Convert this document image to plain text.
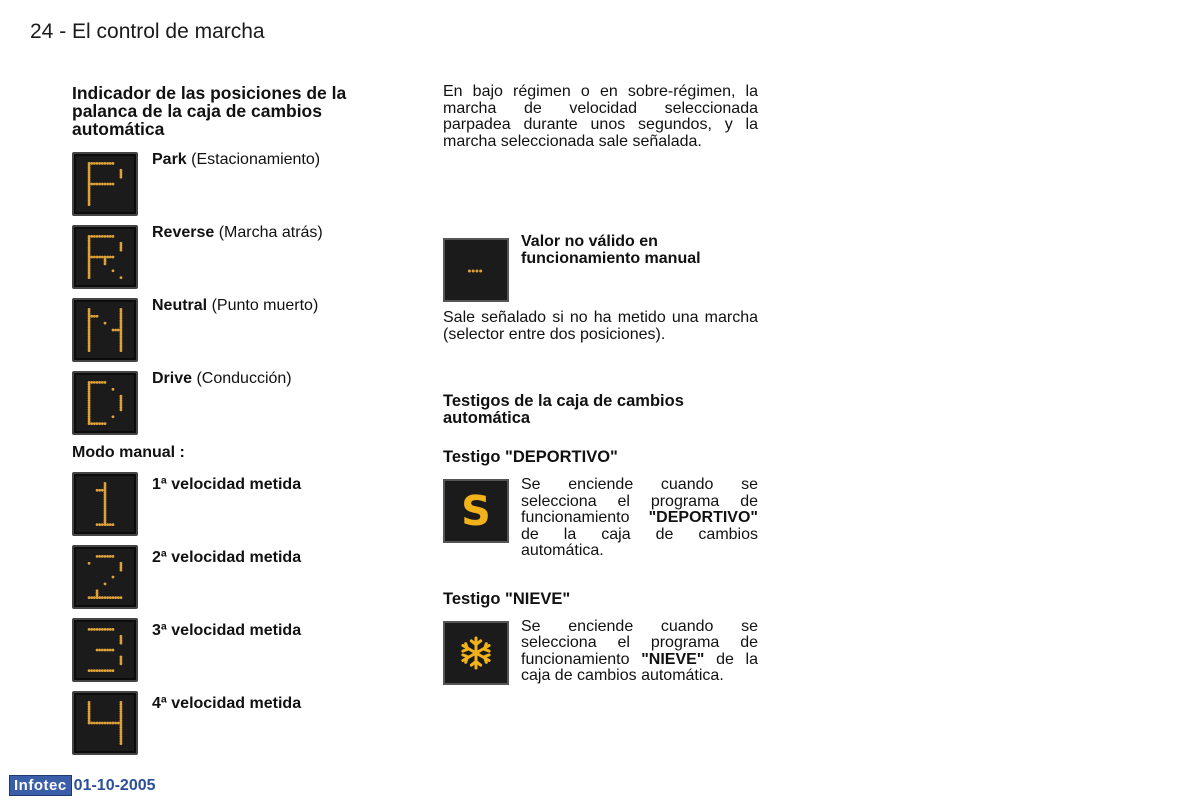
24 - El control de marcha
Indicador de las posiciones de la palanca de la caja de cambios automática
Park (Estacionamiento)
Reverse (Marcha atrás)
Neutral (Punto muerto)
Drive (Conducción)
Modo manual :
1ª velocidad metida
2ª velocidad metida
3ª velocidad metida
4ª velocidad metida

En bajo régimen o en sobre-régimen, la marcha de velocidad seleccionada parpadea durante unos segundos, y la marcha seleccionada sale señalada.

Valor no válido en funcionamiento manual

Sale señalado si no ha metido una marcha (selector entre dos posiciones).

Testigos de la caja de cambios automática
Testigo "DEPORTIVO"
S
Se enciende cuando se selecciona el programa de funcionamiento "DEPORTIVO" de la caja de cambios automática.
Testigo "NIEVE"
Se enciende cuando se selecciona el programa de funcionamiento "NIEVE" de la caja de cambios automática.
Infotec 01-10-2005
